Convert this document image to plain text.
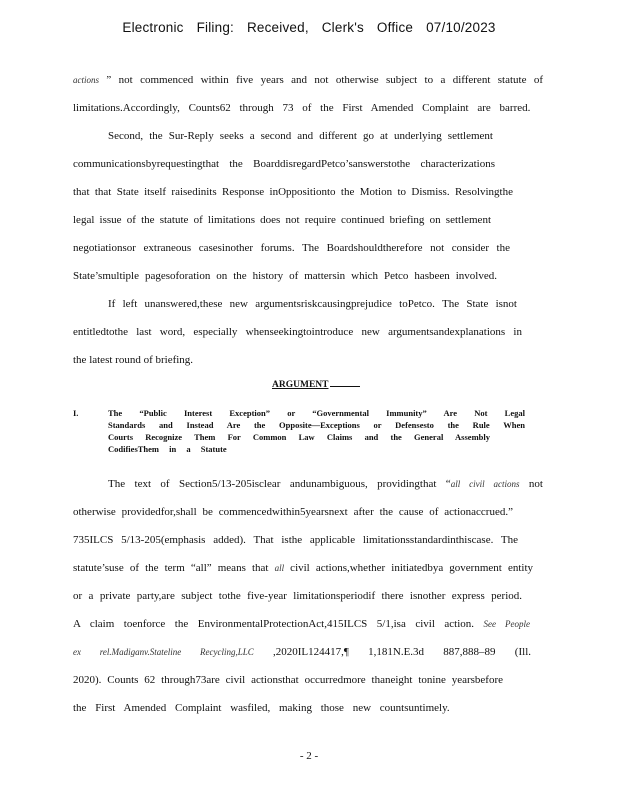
Electronic Filing: Received, Clerk's Office 07/10/2023
actions ” not commenced within five years and not otherwise subject to a different statute of
limitations.Accordingly, Counts62 through 73 of the First Amended Complaint are barred.
Second, the Sur-Reply seeks a second and different go at underlying settlement
communicationsbyrequestingthat the BoarddisregardPetco’sanswerstothe characterizations
that that State itself raisedinits Response inOppositionto the Motion to Dismiss. Resolvingthe
legal issue of the statute of limitations does not require continued briefing on settlement
negotiationsor extraneous casesinother forums. The Boardshouldtherefore not consider the
State’smultiple pagesoforation on the history of mattersin which Petco hasbeen involved.
If left unanswered,these new argumentsriskcausingprejudice toPetco. The State isnot
entitledtothe last word, especially whenseekingtointroduce new argumentsandexplanations in
the latest round of briefing.
ARGUMENT
I.	The “Public Interest Exception” or “Governmental Immunity” Are Not Legal
Standards and Instead Are the Opposite—Exceptions or Defensesto the Rule When
Courts Recognize Them For Common Law Claims and the General Assembly
CodifiesThem in a Statute
The text of Section5/13-205isclear andunambiguous, providingthat “all civil actions not
otherwise providedfor,shall be commencedwithin5yearsnext after the cause of actionaccrued.”
735ILCS 5/13-205(emphasis added). That isthe applicable limitationsstandardinthiscase. The
statute’suse of the term “all” means that all civil actions,whether initiatedbya government entity
or a private party,are subject tothe five-year limitationsperiodif there isnother express period.
A claim toenforce the EnvironmentalProtectionAct,415ILCS 5/1,isa civil action. See People
ex rel.Madiganv.Stateline Recycling,LLC ,2020IL124417,¶ 1,181N.E.3d 887,888–89 (Ill.
2020). Counts 62 through73are civil actionsthat occurredmore thaneight tonine yearsbefore
the First Amended Complaint wasfiled, making those new countsuntimely.
- 2 -
